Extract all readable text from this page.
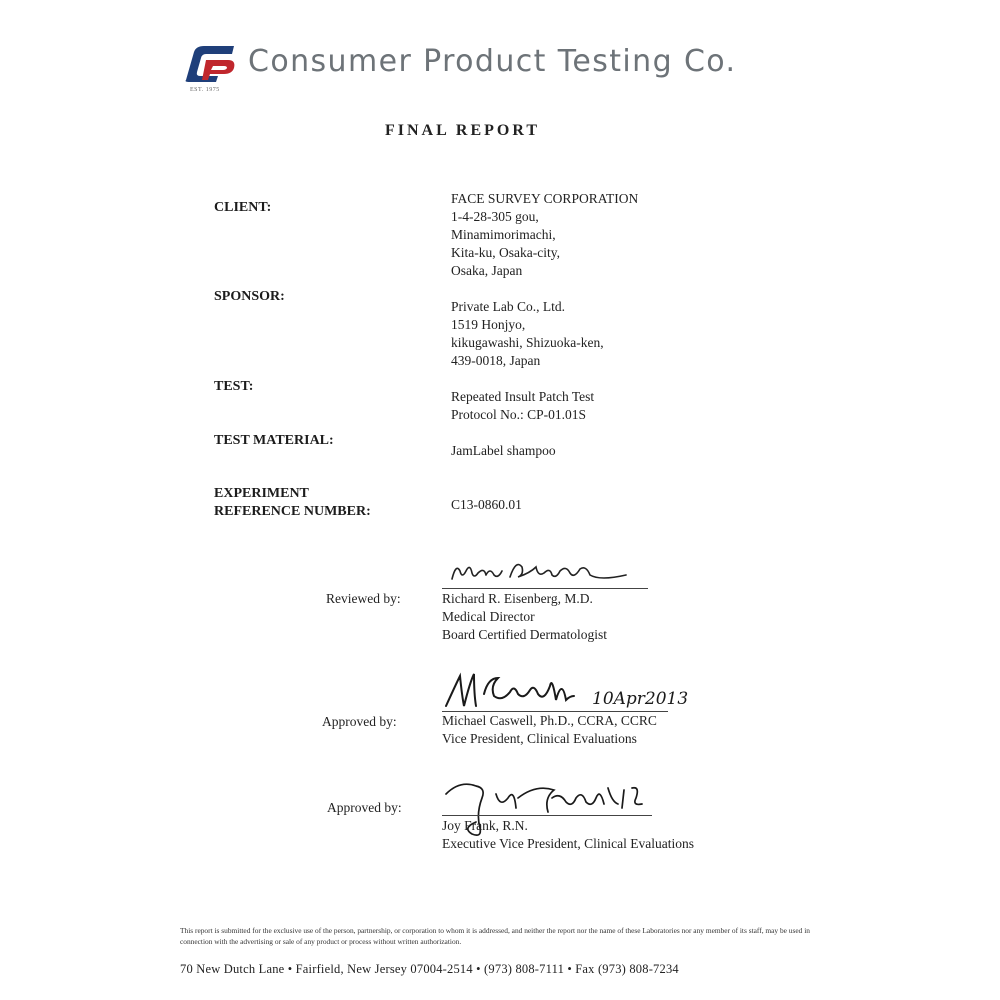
EST. 1975
Consumer Product Testing Co.
FINAL REPORT
CLIENT:
FACE SURVEY CORPORATION
1-4-28-305 gou,
Minamimorimachi,
Kita-ku, Osaka-city,
Osaka, Japan
SPONSOR:
Private Lab Co., Ltd.
1519 Honjyo,
kikugawashi, Shizuoka-ken,
439-0018, Japan
TEST:
Repeated Insult Patch Test
Protocol No.: CP-01.01S
TEST MATERIAL:
JamLabel shampoo
EXPERIMENT
REFERENCE NUMBER:	C13-0860.01
Reviewed by:	Richard R. Eisenberg, M.D.
Medical Director
Board Certified Dermatologist
10Apr2013
Approved by:	Michael Caswell, Ph.D., CCRA, CCRC
Vice President, Clinical Evaluations
Approved by:
Joy Frank, R.N.
Executive Vice President, Clinical Evaluations
This report is submitted for the exclusive use of the person, partnership, or corporation to whom it is addressed, and neither the report nor the name of these Laboratories nor any member of its staff, may be used in connection with the advertising or sale of any product or process without written authorization.
70 New Dutch Lane • Fairfield, New Jersey 07004-2514 • (973) 808-7111 • Fax (973) 808-7234
